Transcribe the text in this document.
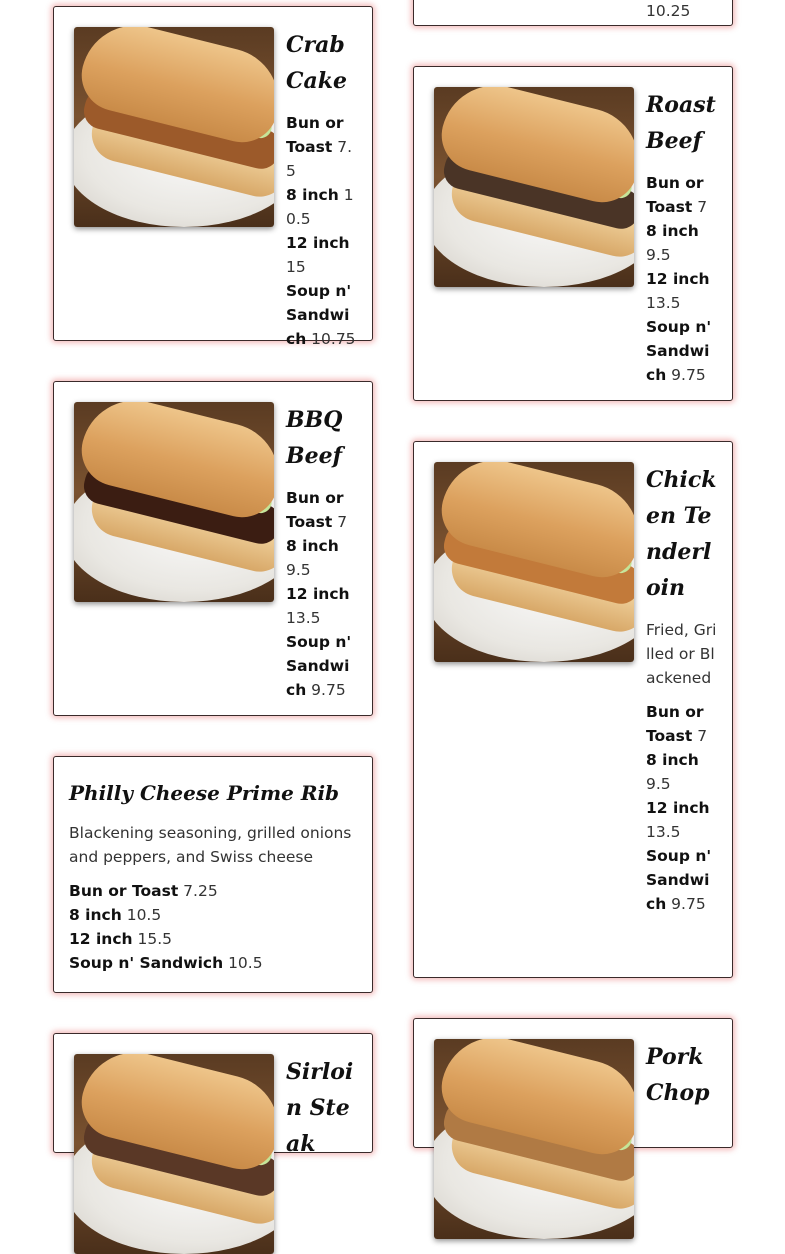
10.25
Crab Cake
Bun or Toast 7.5
8 inch 10.5
12 inch 15
Soup n' Sandwich 10.75
Roast Beef
Bun or Toast 7
8 inch 9.5
12 inch 13.5
Soup n' Sandwich 9.75
BBQ Beef
Bun or Toast 7
8 inch 9.5
12 inch 13.5
Soup n' Sandwich 9.75
Chicken Tenderloin
Fried, Grilled or Blackened
Bun or Toast 7
8 inch 9.5
12 inch 13.5
Soup n' Sandwich 9.75
Philly Cheese Prime Rib
Blackening seasoning, grilled onions and peppers, and Swiss cheese
Bun or Toast 7.25
8 inch 10.5
12 inch 15.5
Soup n' Sandwich 10.5
Sirloin Steak
Pork Chop
